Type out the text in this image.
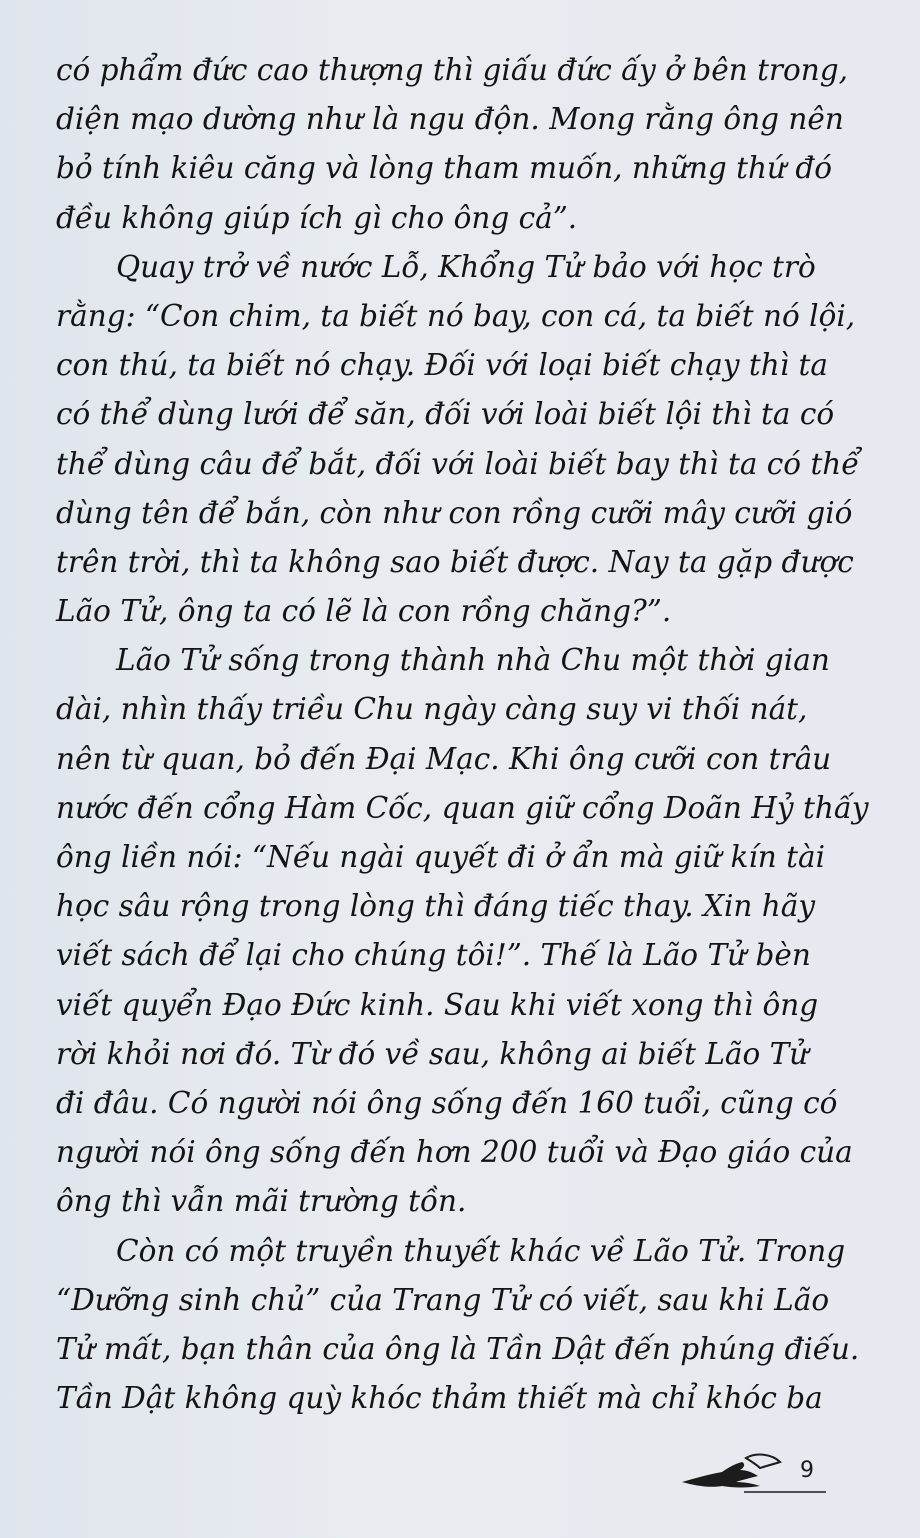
có phẩm đức cao thượng thì giấu đức ấy ở bên trong,
diện mạo dường như là ngu độn. Mong rằng ông nên
bỏ tính kiêu căng và lòng tham muốn, những thứ đó
đều không giúp ích gì cho ông cả”.
Quay trở về nước Lỗ, Khổng Tử bảo với học trò
rằng: “Con chim, ta biết nó bay, con cá, ta biết nó lội,
con thú, ta biết nó chạy. Đối với loại biết chạy thì ta
có thể dùng lưới để săn, đối với loài biết lội thì ta có
thể dùng câu để bắt, đối với loài biết bay thì ta có thể
dùng tên để bắn, còn như con rồng cưỡi mây cưỡi gió
trên trời, thì ta không sao biết được. Nay ta gặp được
Lão Tử, ông ta có lẽ là con rồng chăng?”.
Lão Tử sống trong thành nhà Chu một thời gian
dài, nhìn thấy triều Chu ngày càng suy vi thối nát,
nên từ quan, bỏ đến Đại Mạc. Khi ông cưỡi con trâu
nước đến cổng Hàm Cốc, quan giữ cổng Doãn Hỷ thấy
ông liền nói: “Nếu ngài quyết đi ở ẩn mà giữ kín tài
học sâu rộng trong lòng thì đáng tiếc thay. Xin hãy
viết sách để lại cho chúng tôi!”. Thế là Lão Tử bèn
viết quyển Đạo Đức kinh. Sau khi viết xong thì ông
rời khỏi nơi đó. Từ đó về sau, không ai biết Lão Tử
đi đâu. Có người nói ông sống đến 160 tuổi, cũng có
người nói ông sống đến hơn 200 tuổi và Đạo giáo của
ông thì vẫn mãi trường tồn.
Còn có một truyền thuyết khác về Lão Tử. Trong
“Dưỡng sinh chủ” của Trang Tử có viết, sau khi Lão
Tử mất, bạn thân của ông là Tần Dật đến phúng điếu.
Tần Dật không quỳ khóc thảm thiết mà chỉ khóc ba
9
